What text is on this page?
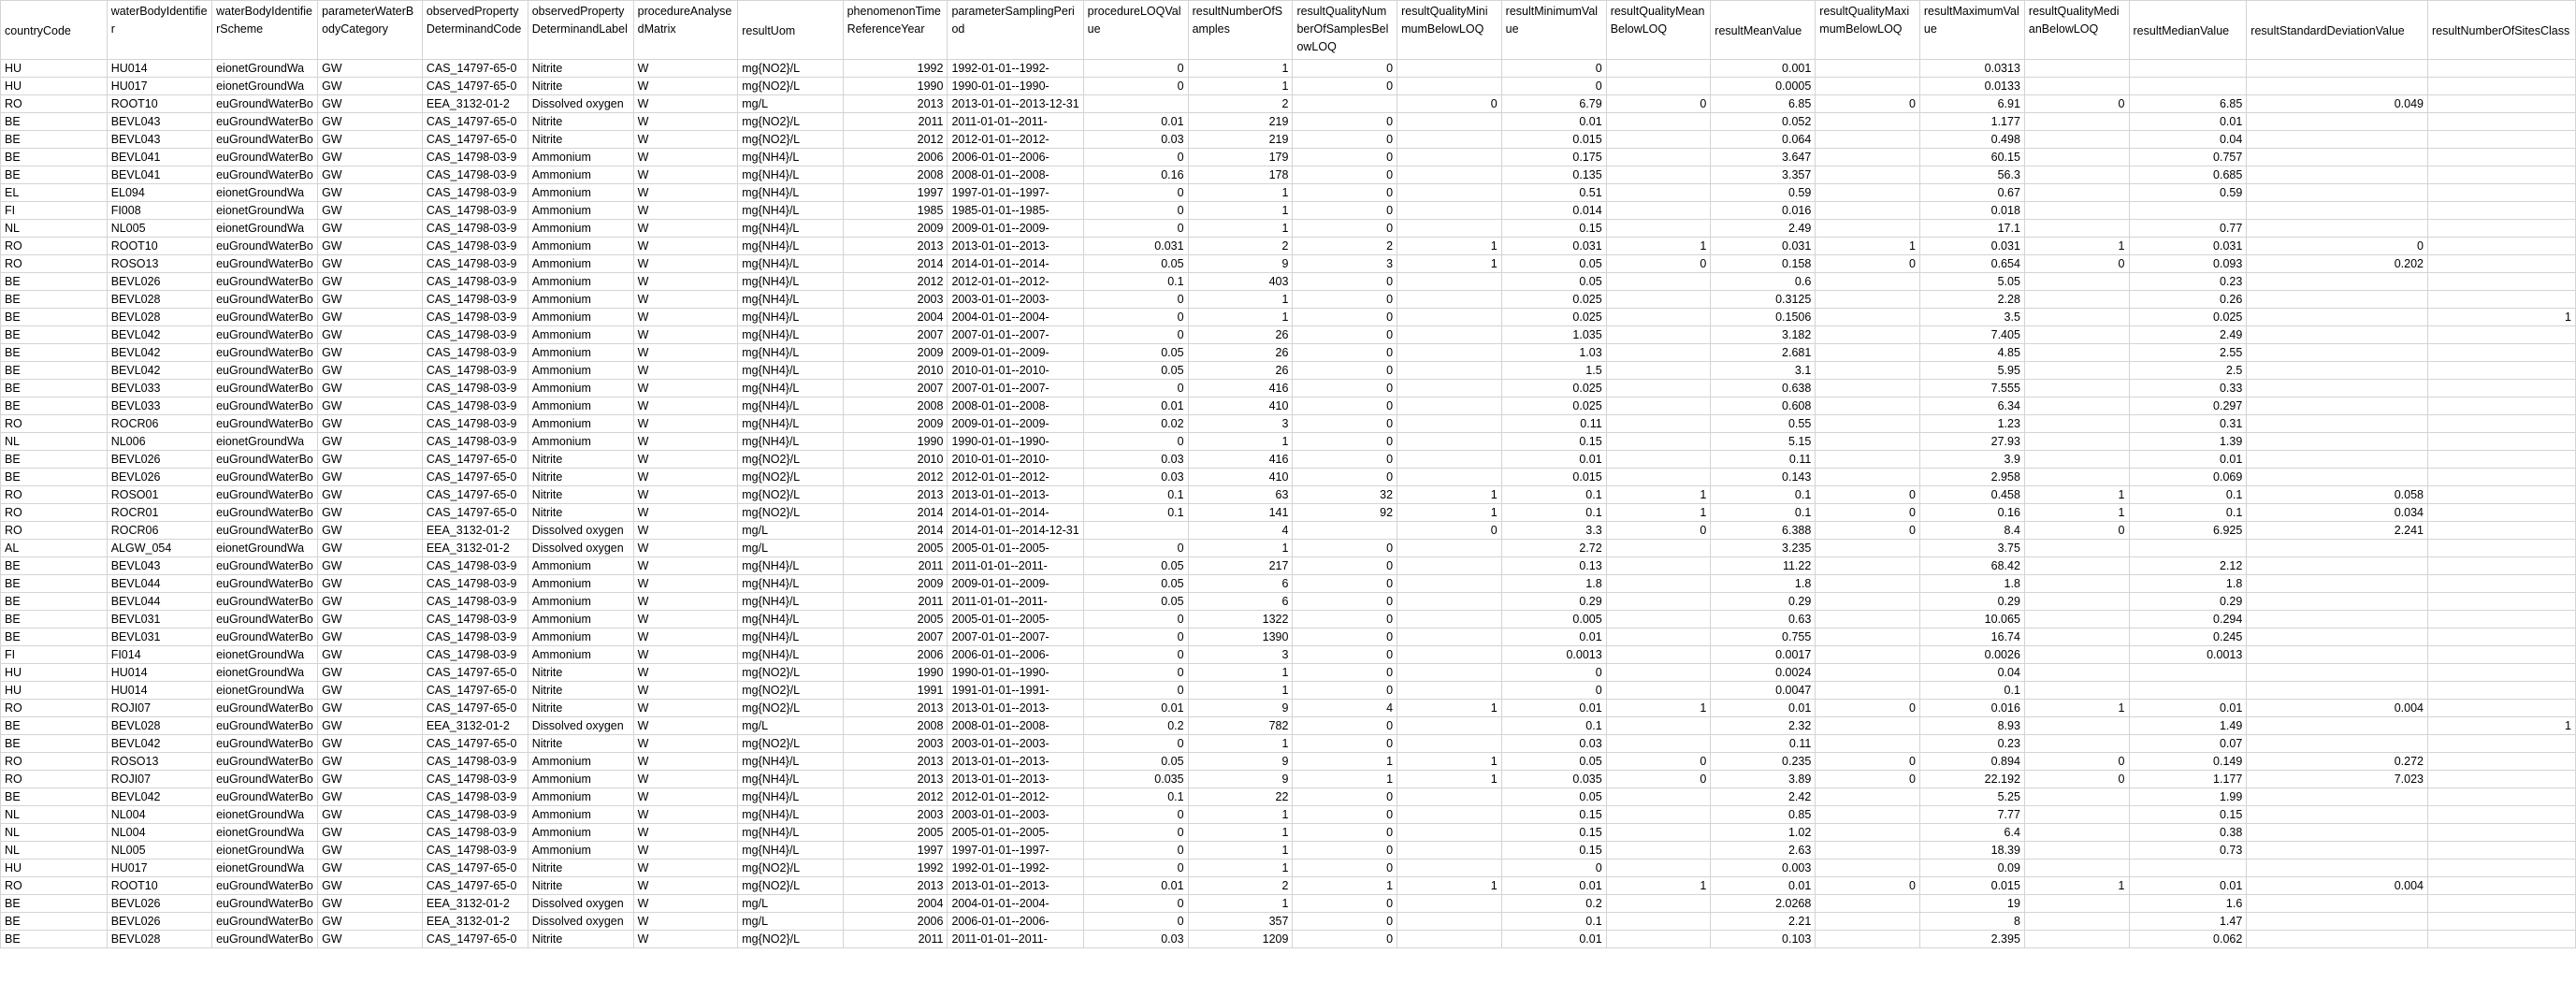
countryCode	waterBodyIdentifier	waterBodyIdentifierScheme	parameterWaterBodyCategory	observedPropertyDeterminandCode	observedPropertyDeterminandLabel	procedureAnalysedMatrix	resultUom	phenomenonTimeReferenceYear	parameterSamplingPeriod	procedureLOQValue	resultNumberOfSamples	resultQualityNumberOfSamplesBelowLOQ	resultQualityMinimumBelowLOQ	resultMinimumValue	resultQualityMeanBelowLOQ	resultMeanValue	resultQualityMaximumBelowLOQ	resultMaximumValue	resultQualityMedianBelowLOQ	resultMedianValue	resultStandardDeviationValue	resultNumberOfSitesClass
HU	HU014	eionetGroundWa	GW	CAS_14797-65-0	Nitrite	W	mg{NO2}/L	1992	1992-01-01--1992-	0	1	0		0		0.001		0.0313				
HU	HU017	eionetGroundWa	GW	CAS_14797-65-0	Nitrite	W	mg{NO2}/L	1990	1990-01-01--1990-	0	1	0		0		0.0005		0.0133				
RO	ROOT10	euGroundWaterBo	GW	EEA_3132-01-2	Dissolved oxygen	W	mg/L	2013	2013-01-01--2013-12-31		2		0	6.79	0	6.85	0	6.91	0	6.85	0.049	
BE	BEVL043	euGroundWaterBo	GW	CAS_14797-65-0	Nitrite	W	mg{NO2}/L	2011	2011-01-01--2011-	0.01	219	0		0.01		0.052		1.177		0.01		
BE	BEVL043	euGroundWaterBo	GW	CAS_14797-65-0	Nitrite	W	mg{NO2}/L	2012	2012-01-01--2012-	0.03	219	0		0.015		0.064		0.498		0.04		
BE	BEVL041	euGroundWaterBo	GW	CAS_14798-03-9	Ammonium	W	mg{NH4}/L	2006	2006-01-01--2006-	0	179	0		0.175		3.647		60.15		0.757		
BE	BEVL041	euGroundWaterBo	GW	CAS_14798-03-9	Ammonium	W	mg{NH4}/L	2008	2008-01-01--2008-	0.16	178	0		0.135		3.357		56.3		0.685		
EL	EL094	eionetGroundWa	GW	CAS_14798-03-9	Ammonium	W	mg{NH4}/L	1997	1997-01-01--1997-	0	1	0		0.51		0.59		0.67		0.59		
FI	FI008	eionetGroundWa	GW	CAS_14798-03-9	Ammonium	W	mg{NH4}/L	1985	1985-01-01--1985-	0	1	0		0.014		0.016		0.018				
NL	NL005	eionetGroundWa	GW	CAS_14798-03-9	Ammonium	W	mg{NH4}/L	2009	2009-01-01--2009-	0	1	0		0.15		2.49		17.1		0.77		
RO	ROOT10	euGroundWaterBo	GW	CAS_14798-03-9	Ammonium	W	mg{NH4}/L	2013	2013-01-01--2013-	0.031	2	2	1	0.031	1	0.031	1	0.031	1	0.031	0	
RO	ROSO13	euGroundWaterBo	GW	CAS_14798-03-9	Ammonium	W	mg{NH4}/L	2014	2014-01-01--2014-	0.05	9	3	1	0.05	0	0.158	0	0.654	0	0.093	0.202	
BE	BEVL026	euGroundWaterBo	GW	CAS_14798-03-9	Ammonium	W	mg{NH4}/L	2012	2012-01-01--2012-	0.1	403	0		0.05		0.6		5.05		0.23		
BE	BEVL028	euGroundWaterBo	GW	CAS_14798-03-9	Ammonium	W	mg{NH4}/L	2003	2003-01-01--2003-	0	1	0		0.025		0.3125		2.28		0.26		
BE	BEVL028	euGroundWaterBo	GW	CAS_14798-03-9	Ammonium	W	mg{NH4}/L	2004	2004-01-01--2004-	0	1	0		0.025		0.1506		3.5		0.025		1
BE	BEVL042	euGroundWaterBo	GW	CAS_14798-03-9	Ammonium	W	mg{NH4}/L	2007	2007-01-01--2007-	0	26	0		1.035		3.182		7.405		2.49		
BE	BEVL042	euGroundWaterBo	GW	CAS_14798-03-9	Ammonium	W	mg{NH4}/L	2009	2009-01-01--2009-	0.05	26	0		1.03		2.681		4.85		2.55		
BE	BEVL042	euGroundWaterBo	GW	CAS_14798-03-9	Ammonium	W	mg{NH4}/L	2010	2010-01-01--2010-	0.05	26	0		1.5		3.1		5.95		2.5		
BE	BEVL033	euGroundWaterBo	GW	CAS_14798-03-9	Ammonium	W	mg{NH4}/L	2007	2007-01-01--2007-	0	416	0		0.025		0.638		7.555		0.33		
BE	BEVL033	euGroundWaterBo	GW	CAS_14798-03-9	Ammonium	W	mg{NH4}/L	2008	2008-01-01--2008-	0.01	410	0		0.025		0.608		6.34		0.297		
RO	ROCR06	euGroundWaterBo	GW	CAS_14798-03-9	Ammonium	W	mg{NH4}/L	2009	2009-01-01--2009-	0.02	3	0		0.11		0.55		1.23		0.31		
NL	NL006	eionetGroundWa	GW	CAS_14798-03-9	Ammonium	W	mg{NH4}/L	1990	1990-01-01--1990-	0	1	0		0.15		5.15		27.93		1.39		
BE	BEVL026	euGroundWaterBo	GW	CAS_14797-65-0	Nitrite	W	mg{NO2}/L	2010	2010-01-01--2010-	0.03	416	0		0.01		0.11		3.9		0.01		
BE	BEVL026	euGroundWaterBo	GW	CAS_14797-65-0	Nitrite	W	mg{NO2}/L	2012	2012-01-01--2012-	0.03	410	0		0.015		0.143		2.958		0.069		
RO	ROSO01	euGroundWaterBo	GW	CAS_14797-65-0	Nitrite	W	mg{NO2}/L	2013	2013-01-01--2013-	0.1	63	32	1	0.1	1	0.1	0	0.458	1	0.1	0.058	
RO	ROCR01	euGroundWaterBo	GW	CAS_14797-65-0	Nitrite	W	mg{NO2}/L	2014	2014-01-01--2014-	0.1	141	92	1	0.1	1	0.1	0	0.16	1	0.1	0.034	
RO	ROCR06	euGroundWaterBo	GW	EEA_3132-01-2	Dissolved oxygen	W	mg/L	2014	2014-01-01--2014-12-31		4		0	3.3	0	6.388	0	8.4	0	6.925	2.241	
AL	ALGW_054	eionetGroundWa	GW	EEA_3132-01-2	Dissolved oxygen	W	mg/L	2005	2005-01-01--2005-	0	1	0		2.72		3.235		3.75				
BE	BEVL043	euGroundWaterBo	GW	CAS_14798-03-9	Ammonium	W	mg{NH4}/L	2011	2011-01-01--2011-	0.05	217	0		0.13		11.22		68.42		2.12		
BE	BEVL044	euGroundWaterBo	GW	CAS_14798-03-9	Ammonium	W	mg{NH4}/L	2009	2009-01-01--2009-	0.05	6	0		1.8		1.8		1.8		1.8		
BE	BEVL044	euGroundWaterBo	GW	CAS_14798-03-9	Ammonium	W	mg{NH4}/L	2011	2011-01-01--2011-	0.05	6	0		0.29		0.29		0.29		0.29		
BE	BEVL031	euGroundWaterBo	GW	CAS_14798-03-9	Ammonium	W	mg{NH4}/L	2005	2005-01-01--2005-	0	1322	0		0.005		0.63		10.065		0.294		
BE	BEVL031	euGroundWaterBo	GW	CAS_14798-03-9	Ammonium	W	mg{NH4}/L	2007	2007-01-01--2007-	0	1390	0		0.01		0.755		16.74		0.245		
FI	FI014	eionetGroundWa	GW	CAS_14798-03-9	Ammonium	W	mg{NH4}/L	2006	2006-01-01--2006-	0	3	0		0.0013		0.0017		0.0026		0.0013		
HU	HU014	eionetGroundWa	GW	CAS_14797-65-0	Nitrite	W	mg{NO2}/L	1990	1990-01-01--1990-	0	1	0		0		0.0024		0.04				
HU	HU014	eionetGroundWa	GW	CAS_14797-65-0	Nitrite	W	mg{NO2}/L	1991	1991-01-01--1991-	0	1	0		0		0.0047		0.1				
RO	ROJI07	euGroundWaterBo	GW	CAS_14797-65-0	Nitrite	W	mg{NO2}/L	2013	2013-01-01--2013-	0.01	9	4	1	0.01	1	0.01	0	0.016	1	0.01	0.004	
BE	BEVL028	euGroundWaterBo	GW	EEA_3132-01-2	Dissolved oxygen	W	mg/L	2008	2008-01-01--2008-	0.2	782	0		0.1		2.32		8.93		1.49		1
BE	BEVL042	euGroundWaterBo	GW	CAS_14797-65-0	Nitrite	W	mg{NO2}/L	2003	2003-01-01--2003-	0	1	0		0.03		0.11		0.23		0.07		
RO	ROSO13	euGroundWaterBo	GW	CAS_14798-03-9	Ammonium	W	mg{NH4}/L	2013	2013-01-01--2013-	0.05	9	1	1	0.05	0	0.235	0	0.894	0	0.149	0.272	
RO	ROJI07	euGroundWaterBo	GW	CAS_14798-03-9	Ammonium	W	mg{NH4}/L	2013	2013-01-01--2013-	0.035	9	1	1	0.035	0	3.89	0	22.192	0	1.177	7.023	
BE	BEVL042	euGroundWaterBo	GW	CAS_14798-03-9	Ammonium	W	mg{NH4}/L	2012	2012-01-01--2012-	0.1	22	0		0.05		2.42		5.25		1.99		
NL	NL004	eionetGroundWa	GW	CAS_14798-03-9	Ammonium	W	mg{NH4}/L	2003	2003-01-01--2003-	0	1	0		0.15		0.85		7.77		0.15		
NL	NL004	eionetGroundWa	GW	CAS_14798-03-9	Ammonium	W	mg{NH4}/L	2005	2005-01-01--2005-	0	1	0		0.15		1.02		6.4		0.38		
NL	NL005	eionetGroundWa	GW	CAS_14798-03-9	Ammonium	W	mg{NH4}/L	1997	1997-01-01--1997-	0	1	0		0.15		2.63		18.39		0.73		
HU	HU017	eionetGroundWa	GW	CAS_14797-65-0	Nitrite	W	mg{NO2}/L	1992	1992-01-01--1992-	0	1	0		0		0.003		0.09				
RO	ROOT10	euGroundWaterBo	GW	CAS_14797-65-0	Nitrite	W	mg{NO2}/L	2013	2013-01-01--2013-	0.01	2	1	1	0.01	1	0.01	0	0.015	1	0.01	0.004	
BE	BEVL026	euGroundWaterBo	GW	EEA_3132-01-2	Dissolved oxygen	W	mg/L	2004	2004-01-01--2004-	0	1	0		0.2		2.0268		19		1.6		
BE	BEVL026	euGroundWaterBo	GW	EEA_3132-01-2	Dissolved oxygen	W	mg/L	2006	2006-01-01--2006-	0	357	0		0.1		2.21		8		1.47		
BE	BEVL028	euGroundWaterBo	GW	CAS_14797-65-0	Nitrite	W	mg{NO2}/L	2011	2011-01-01--2011-	0.03	1209	0		0.01		0.103		2.395		0.062		
